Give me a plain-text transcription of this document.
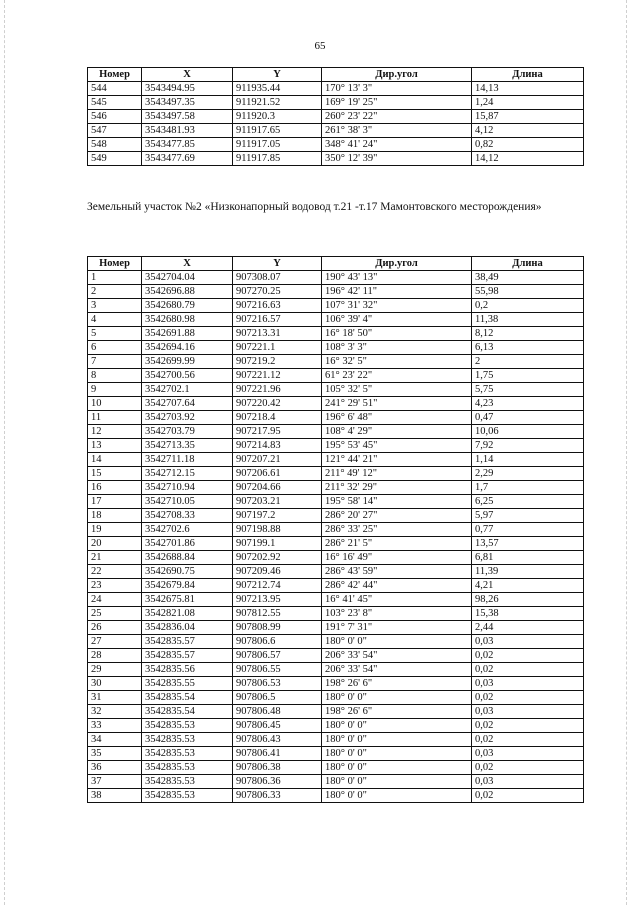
65
Номер	X	Y	Дир.угол	Длина
544	3543494.95	911935.44	170° 13' 3"	14,13
545	3543497.35	911921.52	169° 19' 25"	1,24
546	3543497.58	911920.3	260° 23' 22"	15,87
547	3543481.93	911917.65	261° 38' 3"	4,12
548	3543477.85	911917.05	348° 41' 24"	0,82
549	3543477.69	911917.85	350° 12' 39"	14,12
Земельный участок №2 «Низконапорный водовод т.21 -т.17 Мамонтовского месторождения»
Номер	X	Y	Дир.угол	Длина
1	3542704.04	907308.07	190° 43' 13"	38,49
2	3542696.88	907270.25	196° 42' 11"	55,98
3	3542680.79	907216.63	107° 31' 32"	0,2
4	3542680.98	907216.57	106° 39' 4"	11,38
5	3542691.88	907213.31	16° 18' 50"	8,12
6	3542694.16	907221.1	108° 3' 3"	6,13
7	3542699.99	907219.2	16° 32' 5"	2
8	3542700.56	907221.12	61° 23' 22"	1,75
9	3542702.1	907221.96	105° 32' 5"	5,75
10	3542707.64	907220.42	241° 29' 51"	4,23
11	3542703.92	907218.4	196° 6' 48"	0,47
12	3542703.79	907217.95	108° 4' 29"	10,06
13	3542713.35	907214.83	195° 53' 45"	7,92
14	3542711.18	907207.21	121° 44' 21"	1,14
15	3542712.15	907206.61	211° 49' 12"	2,29
16	3542710.94	907204.66	211° 32' 29"	1,7
17	3542710.05	907203.21	195° 58' 14"	6,25
18	3542708.33	907197.2	286° 20' 27"	5,97
19	3542702.6	907198.88	286° 33' 25"	0,77
20	3542701.86	907199.1	286° 21' 5"	13,57
21	3542688.84	907202.92	16° 16' 49"	6,81
22	3542690.75	907209.46	286° 43' 59"	11,39
23	3542679.84	907212.74	286° 42' 44"	4,21
24	3542675.81	907213.95	16° 41' 45"	98,26
25	3542821.08	907812.55	103° 23' 8"	15,38
26	3542836.04	907808.99	191° 7' 31"	2,44
27	3542835.57	907806.6	180° 0' 0"	0,03
28	3542835.57	907806.57	206° 33' 54"	0,02
29	3542835.56	907806.55	206° 33' 54"	0,02
30	3542835.55	907806.53	198° 26' 6"	0,03
31	3542835.54	907806.5	180° 0' 0"	0,02
32	3542835.54	907806.48	198° 26' 6"	0,03
33	3542835.53	907806.45	180° 0' 0"	0,02
34	3542835.53	907806.43	180° 0' 0"	0,02
35	3542835.53	907806.41	180° 0' 0"	0,03
36	3542835.53	907806.38	180° 0' 0"	0,02
37	3542835.53	907806.36	180° 0' 0"	0,03
38	3542835.53	907806.33	180° 0' 0"	0,02
